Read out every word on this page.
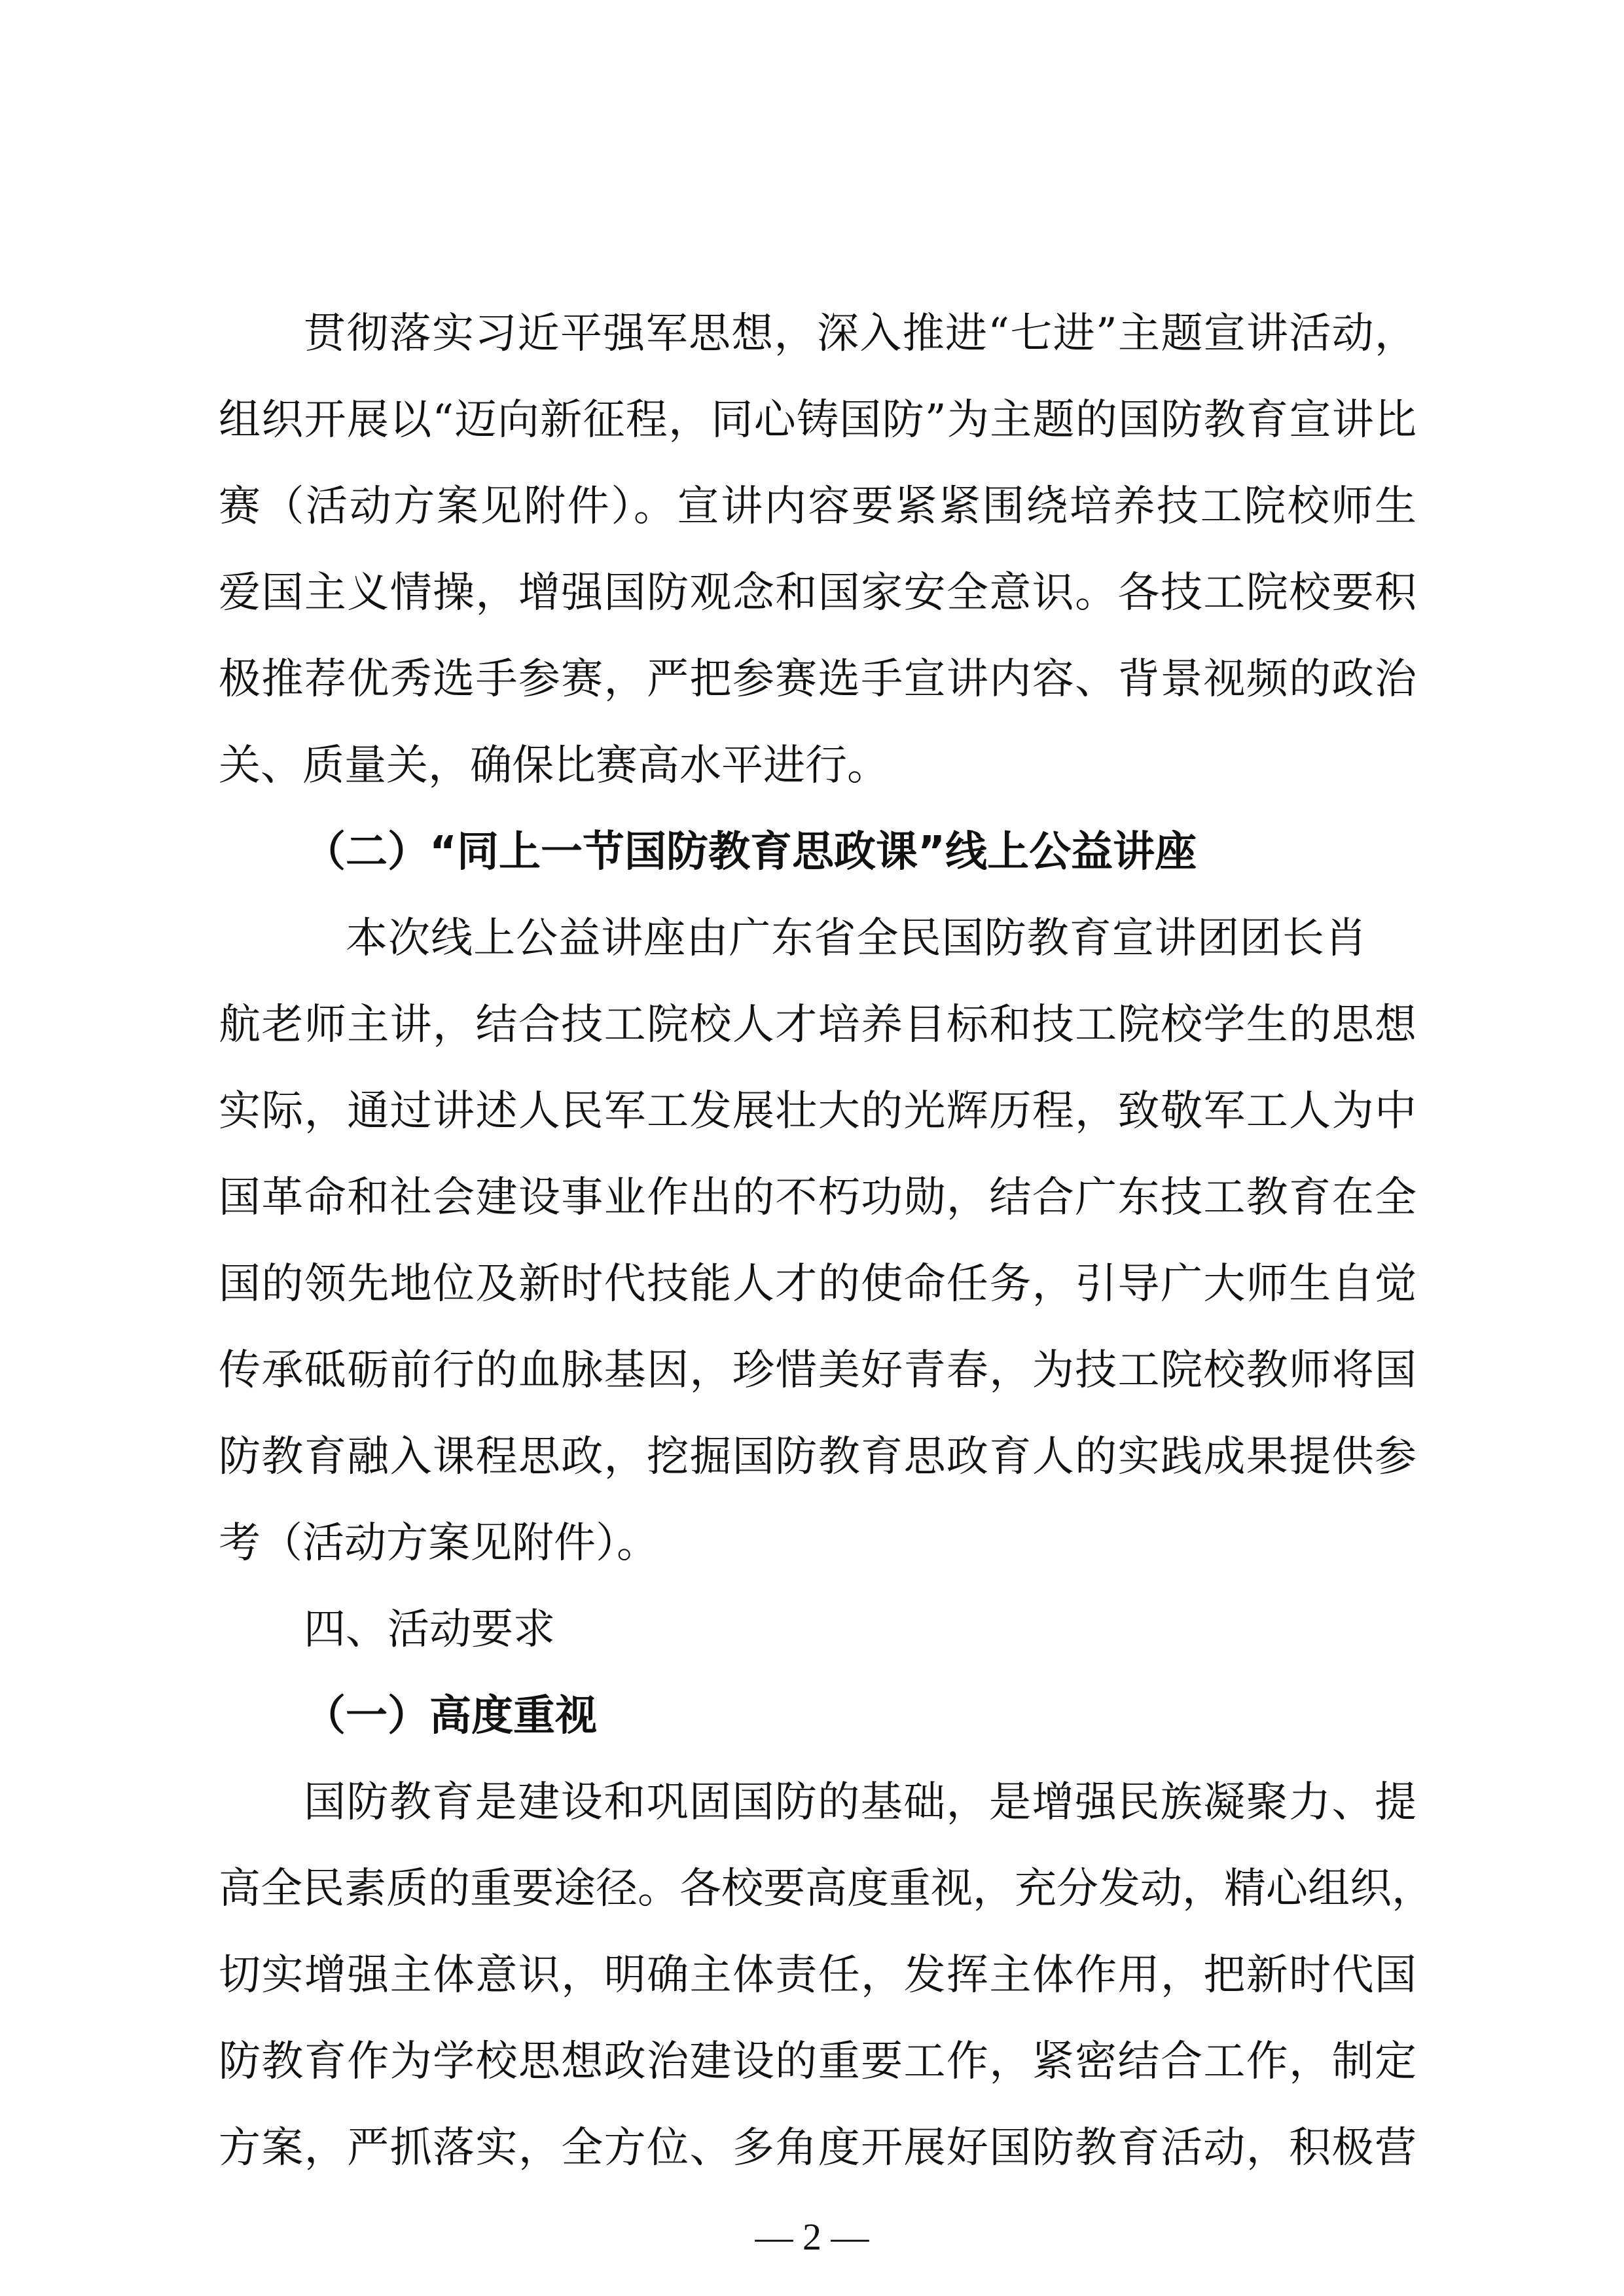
贯彻落实习近平强军思想，深入推进“七进”主题宣讲活动，
组织开展以“迈向新征程，同心铸国防”为主题的国防教育宣讲比
赛（活动方案见附件）。宣讲内容要紧紧围绕培养技工院校师生
爱国主义情操，增强国防观念和国家安全意识。各技工院校要积
极推荐优秀选手参赛，严把参赛选手宣讲内容、背景视频的政治
关、质量关，确保比赛高水平进行。
（二）“同上一节国防教育思政课”线上公益讲座
本次线上公益讲座由广东省全民国防教育宣讲团团长肖
航老师主讲，结合技工院校人才培养目标和技工院校学生的思想
实际，通过讲述人民军工发展壮大的光辉历程，致敬军工人为中
国革命和社会建设事业作出的不朽功勋，结合广东技工教育在全
国的领先地位及新时代技能人才的使命任务，引导广大师生自觉
传承砥砺前行的血脉基因，珍惜美好青春，为技工院校教师将国
防教育融入课程思政，挖掘国防教育思政育人的实践成果提供参
考（活动方案见附件）。
四、活动要求
（一）高度重视
国防教育是建设和巩固国防的基础，是增强民族凝聚力、提
高全民素质的重要途径。各校要高度重视，充分发动，精心组织，
切实增强主体意识，明确主体责任，发挥主体作用，把新时代国
防教育作为学校思想政治建设的重要工作，紧密结合工作，制定
方案，严抓落实，全方位、多角度开展好国防教育活动，积极营
— 2 —
